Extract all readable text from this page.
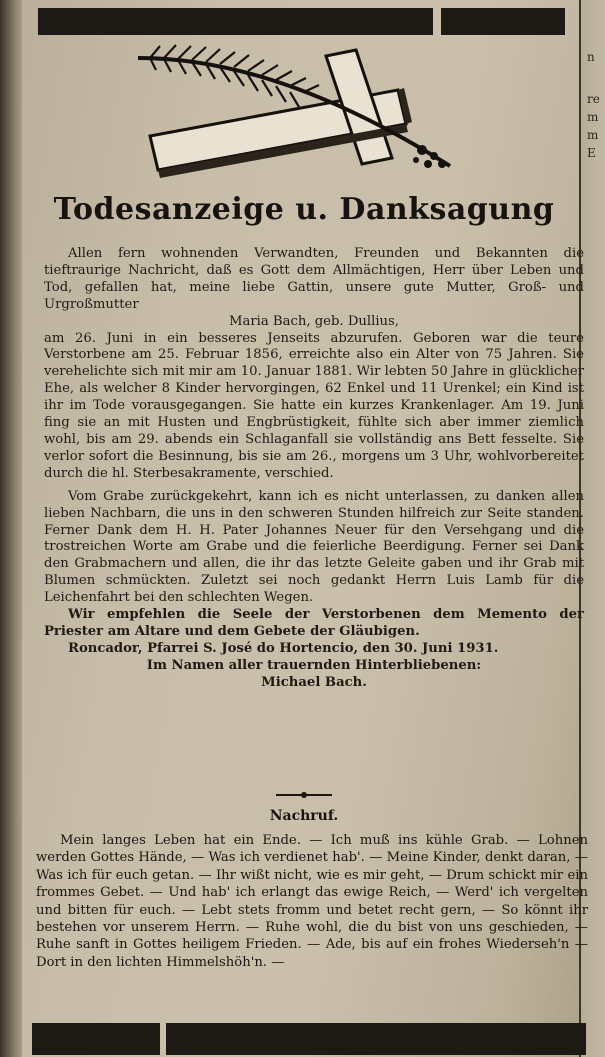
n
re
m
m
E
Todesanzeige u. Danksagung

Allen fern wohnenden Verwandten, Freunden und Bekannten die tieftraurige Nachricht, daß es Gott dem Allmächtigen, Herr über Leben und Tod, gefallen hat, meine liebe Gattin, unsere gute Mutter, Groß- und Urgroßmutter

Maria Bach, geb. Dullius,

am 26. Juni in ein besseres Jenseits abzurufen. Geboren war die teure Verstorbene am 25. Februar 1856, erreichte also ein Alter von 75 Jahren. Sie verehelichte sich mit mir am 10. Januar 1881. Wir lebten 50 Jahre in glücklicher Ehe, als welcher 8 Kinder hervorgingen, 62 Enkel und 11 Urenkel; ein Kind ist ihr im Tode vorausgegangen. Sie hatte ein kurzes Krankenlager. Am 19. Juni fing sie an mit Husten und Engbrüstigkeit, fühlte sich aber immer ziemlich wohl, bis am 29. abends ein Schlaganfall sie vollständig ans Bett fesselte. Sie verlor sofort die Besinnung, bis sie am 26., morgens um 3 Uhr, wohlvorbereitet durch die hl. Sterbesakramente, verschied.

Vom Grabe zurückgekehrt, kann ich es nicht unterlassen, zu danken allen lieben Nachbarn, die uns in den schweren Stunden hilfreich zur Seite standen. Ferner Dank dem H. H. Pater Johannes Neuer für den Versehgang und die trostreichen Worte am Grabe und die feierliche Beerdigung. Ferner sei Dank den Grabmachern und allen, die ihr das letzte Geleite gaben und ihr Grab mit Blumen schmückten. Zuletzt sei noch gedankt Herrn Luis Lamb für die Leichenfahrt bei den schlechten Wegen.

Wir empfehlen die Seele der Verstorbenen dem Memento der Priester am Altare und dem Gebete der Gläubigen.

Roncador, Pfarrei S. José do Hortencio, den 30. Juni 1931.

Im Namen aller trauernden Hinterbliebenen:

Michael Bach.

Nachruf.

Mein langes Leben hat ein Ende. — Ich muß ins kühle Grab. — Lohnen werden Gottes Hände, — Was ich verdienet hab'. — Meine Kinder, denkt daran, — Was ich für euch getan. — Ihr wißt nicht, wie es mir geht, — Drum schickt mir ein frommes Gebet. — Und hab' ich erlangt das ewige Reich, — Werd' ich vergelten und bitten für euch. — Lebt stets fromm und betet recht gern, — So könnt ihr bestehen vor unserem Herrn. — Ruhe wohl, die du bist von uns geschieden, — Ruhe sanft in Gottes heiligem Frieden. — Ade, bis auf ein frohes Wiederseh'n — Dort in den lichten Himmelshöh'n. —
